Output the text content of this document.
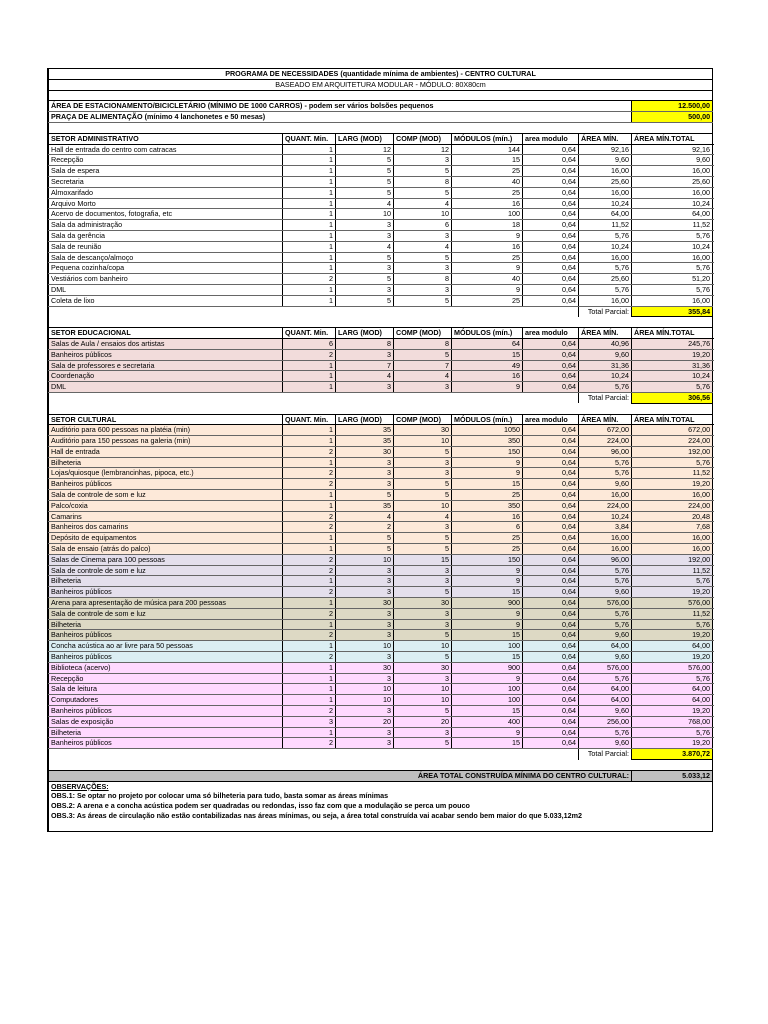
PROGRAMA DE NECESSIDADES (quantidade mínima de ambientes) - CENTRO CULTURAL							
BASEADO EM ARQUITETURA MODULAR - MÓDULO: 80X80cm							

ÁREA DE ESTACIONAMENTO/BICICLETÁRIO (MÍNIMO DE 1000 CARROS) - podem ser vários bolsões pequenos							12.500,00
PRAÇA DE ALIMENTAÇÃO (mínimo 4 lanchonetes e 50 mesas)							500,00

SETOR ADMINISTRATIVO	QUANT. Min.	LARG (MOD)	COMP (MOD)	MÓDULOS (mín.)	area modulo	ÁREA MÍN.	ÁREA MÍN.TOTAL
Hall de entrada do centro com catracas	1	12	12	144	0,64	92,16	92,16
Recepção	1	5	3	15	0,64	9,60	9,60
Sala de espera	1	5	5	25	0,64	16,00	16,00
Secretaria	1	5	8	40	0,64	25,60	25,60
Almoxarifado	1	5	5	25	0,64	16,00	16,00
Arquivo Morto	1	4	4	16	0,64	10,24	10,24
Acervo de documentos, fotografia, etc	1	10	10	100	0,64	64,00	64,00
Sala da administração	1	3	6	18	0,64	11,52	11,52
Sala da gerência	1	3	3	9	0,64	5,76	5,76
Sala de reunião	1	4	4	16	0,64	10,24	10,24
Sala de descanço/almoço	1	5	5	25	0,64	16,00	16,00
Pequena cozinha/copa	1	3	3	9	0,64	5,76	5,76
Vestiários com banheiro	2	5	8	40	0,64	25,60	51,20
DML	1	3	3	9	0,64	5,76	5,76
Coleta de lixo	1	5	5	25	0,64	16,00	16,00
						Total Parcial:	355,84

SETOR EDUCACIONAL	QUANT. Min.	LARG (MOD)	COMP (MOD)	MÓDULOS (mín.)	area modulo	ÁREA MÍN.	ÁREA MÍN.TOTAL
Salas de Aula / ensaios dos artistas	6	8	8	64	0,64	40,96	245,76
Banheiros públicos	2	3	5	15	0,64	9,60	19,20
Sala de professores e secretaria	1	7	7	49	0,64	31,36	31,36
Coordenação	1	4	4	16	0,64	10,24	10,24
DML	1	3	3	9	0,64	5,76	5,76
						Total Parcial:	306,56

SETOR CULTURAL	QUANT. Min.	LARG (MOD)	COMP (MOD)	MÓDULOS (mín.)	area modulo	ÁREA MÍN.	ÁREA MÍN.TOTAL
Auditório para 600 pessoas na platéia (min)	1	35	30	1050	0,64	672,00	672,00
Auditório para 150 pessoas na galeria (min)	1	35	10	350	0,64	224,00	224,00
Hall de entrada	2	30	5	150	0,64	96,00	192,00
Bilheteria	1	3	3	9	0,64	5,76	5,76
Lojas/quiosque (lembrancinhas, pipoca, etc.)	2	3	3	9	0,64	5,76	11,52
Banheiros públicos	2	3	5	15	0,64	9,60	19,20
Sala de controle de som e luz	1	5	5	25	0,64	16,00	16,00
Palco/coxia	1	35	10	350	0,64	224,00	224,00
Camarins	2	4	4	16	0,64	10,24	20,48
Banheiros dos camarins	2	2	3	6	0,64	3,84	7,68
Depósito de equipamentos	1	5	5	25	0,64	16,00	16,00
Sala de ensaio (atrás do palco)	1	5	5	25	0,64	16,00	16,00
Salas de Cinema para 100 pessoas	2	10	15	150	0,64	96,00	192,00
Sala de controle de som e luz	2	3	3	9	0,64	5,76	11,52
Bilheteria	1	3	3	9	0,64	5,76	5,76
Banheiros públicos	2	3	5	15	0,64	9,60	19,20
Arena para apresentação de música para 200 pessoas	1	30	30	900	0,64	576,00	576,00
Sala de controle de som e luz	2	3	3	9	0,64	5,76	11,52
Bilheteria	1	3	3	9	0,64	5,76	5,76
Banheiros públicos	2	3	5	15	0,64	9,60	19,20
Concha acústica ao ar livre para 50 pessoas	1	10	10	100	0,64	64,00	64,00
Banheiros públicos	2	3	5	15	0,64	9,60	19,20
Biblioteca (acervo)	1	30	30	900	0,64	576,00	576,00
Recepção	1	3	3	9	0,64	5,76	5,76
Sala de leitura	1	10	10	100	0,64	64,00	64,00
Computadores	1	10	10	100	0,64	64,00	64,00
Banheiros públicos	2	3	5	15	0,64	9,60	19,20
Salas de exposição	3	20	20	400	0,64	256,00	768,00
Bilheteria	1	3	3	9	0,64	5,76	5,76
Banheiros públicos	2	3	5	15	0,64	9,60	19,20
						Total Parcial:	3.870,72

ÁREA TOTAL CONSTRUÍDA MÍNIMA DO CENTRO CULTURAL:							5.033,12
OBSERVAÇÕES:							
OBS.1: Se optar no projeto por colocar uma só bilheteria para tudo, basta somar as áreas mínimas							
OBS.2: A arena e a concha acústica podem ser quadradas ou redondas, isso faz com que a modulação se perca um pouco							
OBS.3: As áreas de circulação não estão contabilizadas nas áreas mínimas, ou seja, a área total construída vai acabar sendo bem maior do que 5.033,12m2							
